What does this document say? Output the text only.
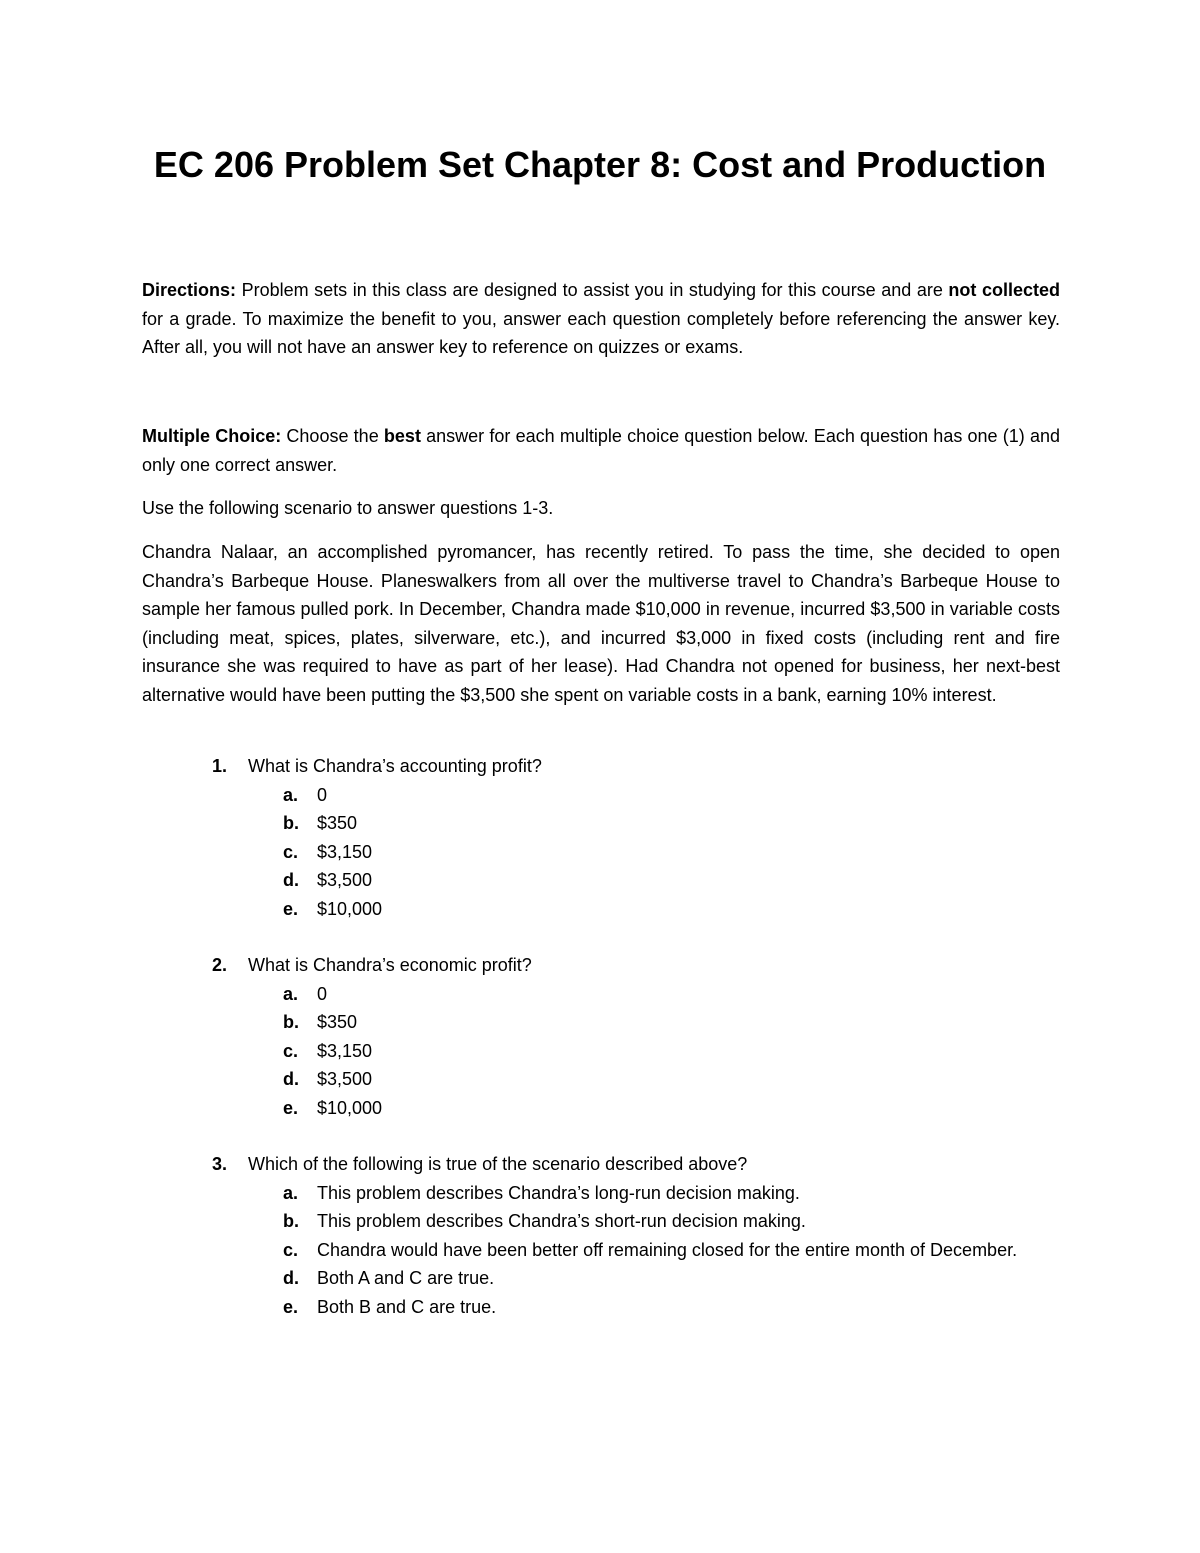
EC 206 Problem Set Chapter 8: Cost and Production

Directions: Problem sets in this class are designed to assist you in studying for this course and are not collected for a grade. To maximize the benefit to you, answer each question completely before referencing the answer key. After all, you will not have an answer key to reference on quizzes or exams.

Multiple Choice: Choose the best answer for each multiple choice question below. Each question has one (1) and only one correct answer.

Use the following scenario to answer questions 1-3.

Chandra Nalaar, an accomplished pyromancer, has recently retired. To pass the time, she decided to open Chandra’s Barbeque House. Planeswalkers from all over the multiverse travel to Chandra’s Barbeque House to sample her famous pulled pork. In December, Chandra made $10,000 in revenue, incurred $3,500 in variable costs (including meat, spices, plates, silverware, etc.), and incurred $3,000 in fixed costs (including rent and fire insurance she was required to have as part of her lease). Had Chandra not opened for business, her next-best alternative would have been putting the $3,500 she spent on variable costs in a bank, earning 10% interest.

1. What is Chandra’s accounting profit?
a. 0
b. $350
c. $3,150
d. $3,500
e. $10,000
2. What is Chandra’s economic profit?
a. 0
b. $350
c. $3,150
d. $3,500
e. $10,000
3. Which of the following is true of the scenario described above?
a. This problem describes Chandra’s long-run decision making.
b. This problem describes Chandra’s short-run decision making.
c. Chandra would have been better off remaining closed for the entire month of December.
d. Both A and C are true.
e. Both B and C are true.
